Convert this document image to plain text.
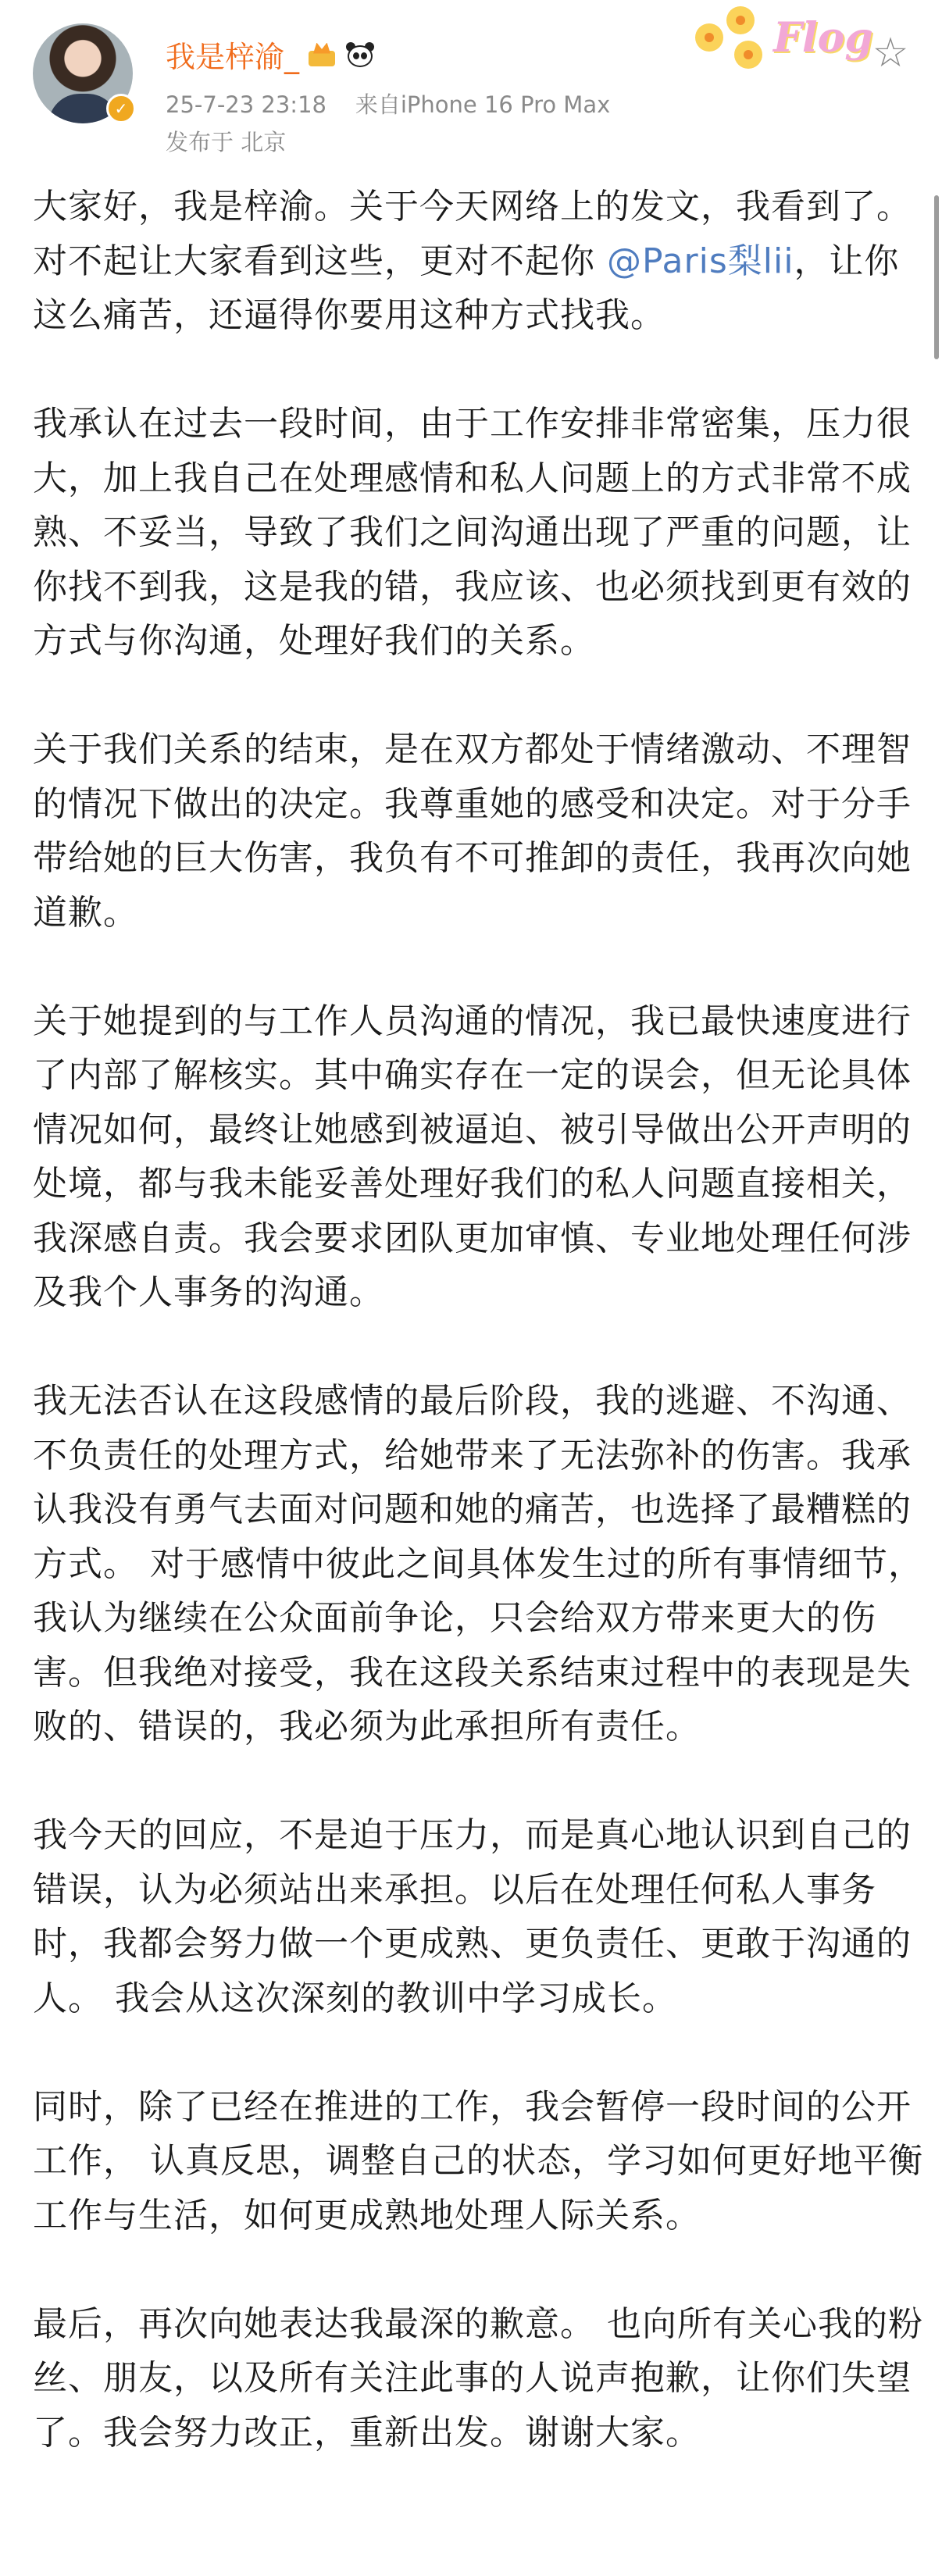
✓
我是梓渝_
25-7-23 23:18 来自iPhone 16 Pro Max
发布于 北京
Flog
☆

大家好，我是梓渝。关于今天网络上的发文，我看到了。对不起让大家看到这些，更对不起你 @Paris梨lii，让你这么痛苦，还逼得你要用这种方式找我。

我承认在过去一段时间，由于工作安排非常密集，压力很大，加上我自己在处理感情和私人问题上的方式非常不成熟、不妥当，导致了我们之间沟通出现了严重的问题，让你找不到我，这是我的错，我应该、也必须找到更有效的方式与你沟通，处理好我们的关系。

关于我们关系的结束，是在双方都处于情绪激动、不理智的情况下做出的决定。我尊重她的感受和决定。对于分手带给她的巨大伤害，我负有不可推卸的责任，我再次向她道歉。

关于她提到的与工作人员沟通的情况，我已最快速度进行了内部了解核实。其中确实存在一定的误会，但无论具体情况如何，最终让她感到被逼迫、被引导做出公开声明的处境，都与我未能妥善处理好我们的私人问题直接相关，我深感自责。我会要求团队更加审慎、专业地处理任何涉及我个人事务的沟通。

我无法否认在这段感情的最后阶段，我的逃避、不沟通、不负责任的处理方式，给她带来了无法弥补的伤害。我承认我没有勇气去面对问题和她的痛苦，也选择了最糟糕的方式。 对于感情中彼此之间具体发生过的所有事情细节，我认为继续在公众面前争论，只会给双方带来更大的伤害。但我绝对接受，我在这段关系结束过程中的表现是失败的、错误的，我必须为此承担所有责任。

我今天的回应，不是迫于压力，而是真心地认识到自己的错误，认为必须站出来承担。以后在处理任何私人事务时，我都会努力做一个更成熟、更负责任、更敢于沟通的人。 我会从这次深刻的教训中学习成长。

同时，除了已经在推进的工作，我会暂停一段时间的公开工作， 认真反思，调整自己的状态，学习如何更好地平衡工作与生活，如何更成熟地处理人际关系。

最后，再次向她表达我最深的歉意。 也向所有关心我的粉丝、朋友，以及所有关注此事的人说声抱歉，让你们失望了。我会努力改正，重新出发。谢谢大家。
